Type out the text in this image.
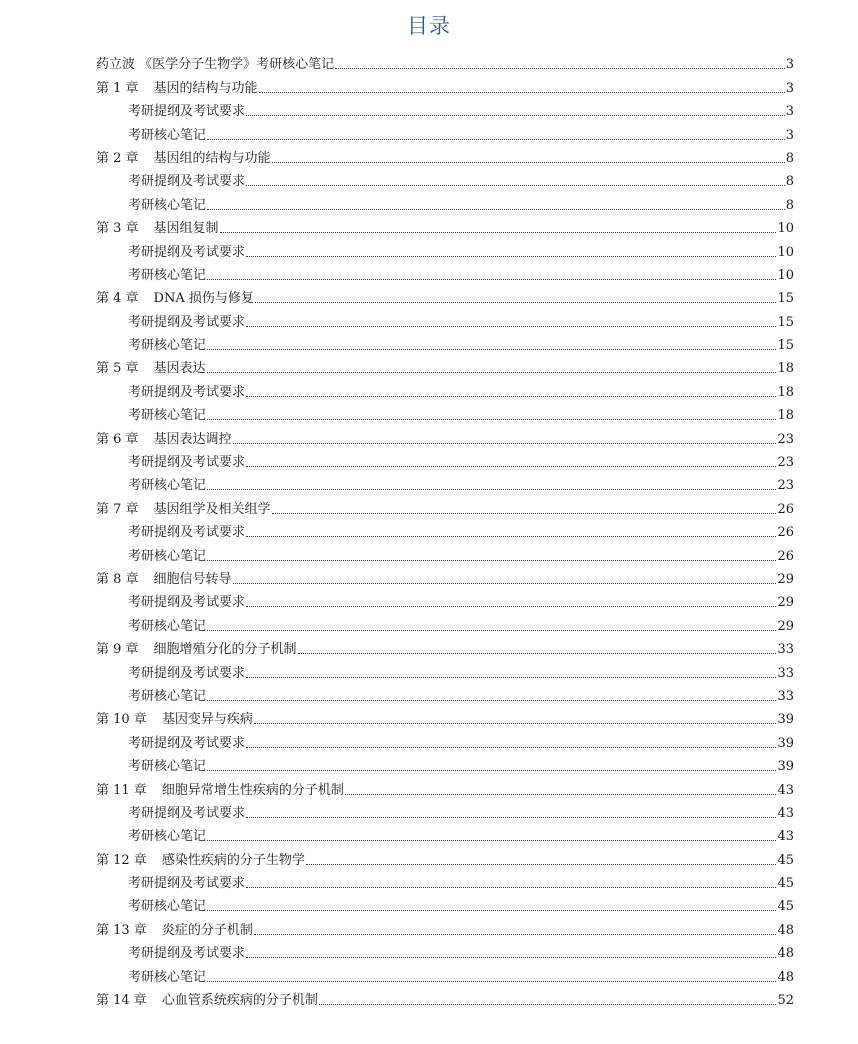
目录
药立波 《医学分子生物学》考研核心笔记	3
第 1 章 基因的结构与功能	3
考研提纲及考试要求	3
考研核心笔记	3
第 2 章 基因组的结构与功能	8
考研提纲及考试要求	8
考研核心笔记	8
第 3 章 基因组复制	10
考研提纲及考试要求	10
考研核心笔记	10
第 4 章 DNA 损伤与修复	15
考研提纲及考试要求	15
考研核心笔记	15
第 5 章 基因表达	18
考研提纲及考试要求	18
考研核心笔记	18
第 6 章 基因表达调控	23
考研提纲及考试要求	23
考研核心笔记	23
第 7 章 基因组学及相关组学	26
考研提纲及考试要求	26
考研核心笔记	26
第 8 章 细胞信号转导	29
考研提纲及考试要求	29
考研核心笔记	29
第 9 章 细胞增殖分化的分子机制	33
考研提纲及考试要求	33
考研核心笔记	33
第 10 章 基因变异与疾病	39
考研提纲及考试要求	39
考研核心笔记	39
第 11 章 细胞异常增生性疾病的分子机制	43
考研提纲及考试要求	43
考研核心笔记	43
第 12 章 感染性疾病的分子生物学	45
考研提纲及考试要求	45
考研核心笔记	45
第 13 章 炎症的分子机制	48
考研提纲及考试要求	48
考研核心笔记	48
第 14 章 心血管系统疾病的分子机制	52
